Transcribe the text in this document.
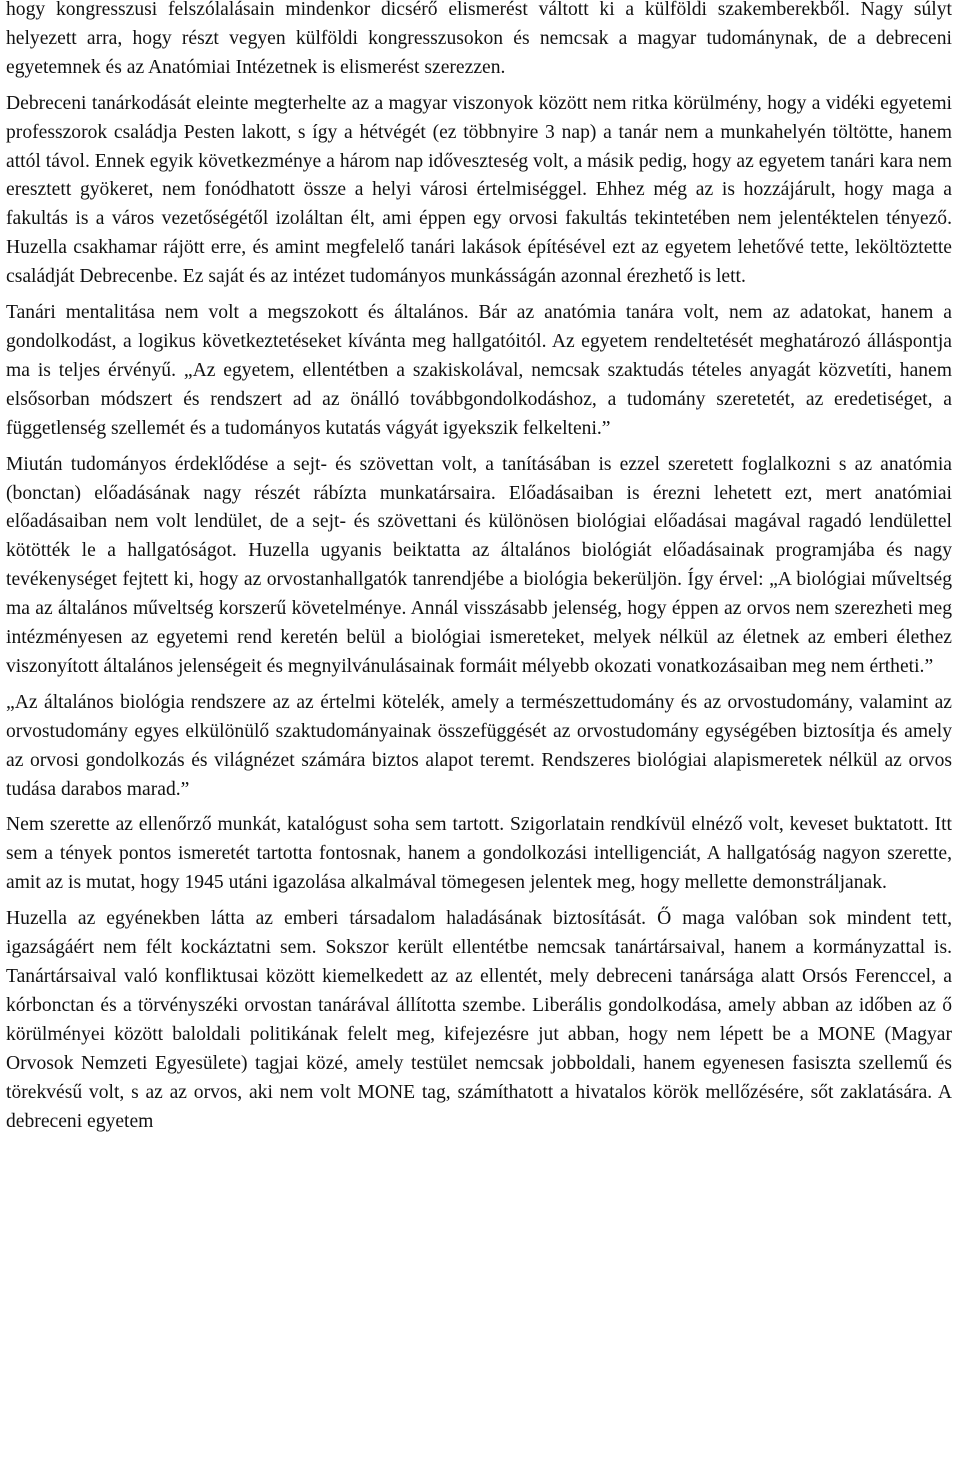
hogy kongresszusi felszólalásain mindenkor dicsérő elismerést váltott ki a külföldi szakemberekből. Nagy súlyt helyezett arra, hogy részt vegyen külföldi kongresszusokon és nemcsak a magyar tudománynak, de a debreceni egyetemnek és az Anatómiai Intézetnek is elismerést szerezzen.

Debreceni tanárkodását eleinte megterhelte az a magyar viszonyok között nem ritka körülmény, hogy a vidéki egyetemi professzorok családja Pesten lakott, s így a hétvégét (ez többnyire 3 nap) a tanár nem a munkahelyén töltötte, hanem attól távol. Ennek egyik következménye a három nap időveszteség volt, a másik pedig, hogy az egyetem tanári kara nem eresztett gyökeret, nem fonódhatott össze a helyi városi értelmiséggel. Ehhez még az is hozzájárult, hogy maga a fakultás is a város vezetőségétől izoláltan élt, ami éppen egy orvosi fakultás tekintetében nem jelentéktelen tényező. Huzella csakhamar rájött erre, és amint megfelelő tanári lakások építésével ezt az egyetem lehetővé tette, leköltöztette családját Debrecenbe. Ez saját és az intézet tudományos munkásságán azonnal érezhető is lett.

Tanári mentalitása nem volt a megszokott és általános. Bár az anatómia tanára volt, nem az adatokat, hanem a gondolkodást, a logikus következtetéseket kívánta meg hallgatóitól. Az egyetem rendeltetését meghatározó álláspontja ma is teljes érvényű. „Az egyetem, ellentétben a szakiskolával, nemcsak szaktudás tételes anyagát közvetíti, hanem elsősorban módszert és rendszert ad az önálló továbbgondolkodáshoz, a tudomány szeretetét, az eredetiséget, a függetlenség szellemét és a tudományos kutatás vágyát igyekszik felkelteni.”

Miután tudományos érdeklődése a sejt- és szövettan volt, a tanításában is ezzel szeretett foglalkozni s az anatómia (bonctan) előadásának nagy részét rábízta munkatársaira. Előadásaiban is érezni lehetett ezt, mert anatómiai előadásaiban nem volt lendület, de a sejt- és szövettani és különösen biológiai előadásai magával ragadó lendülettel kötötték le a hallgatóságot. Huzella ugyanis beiktatta az általános biológiát előadásainak programjába és nagy tevékenységet fejtett ki, hogy az orvostanhallgatók tanrendjébe a biológia bekerüljön. Így érvel: „A biológiai műveltség ma az általános műveltség korszerű követelménye. Annál visszásabb jelenség, hogy éppen az orvos nem szerezheti meg intézményesen az egyetemi rend keretén belül a biológiai ismereteket, melyek nélkül az életnek az emberi élethez viszonyított általános jelenségeit és megnyilvánulásainak formáit mélyebb okozati vonatkozásaiban meg nem értheti.”

„Az általános biológia rendszere az az értelmi kötelék, amely a természettudomány és az orvostudomány, valamint az orvostudomány egyes elkülönülő szaktudományainak összefüggését az orvostudomány egységében biztosítja és amely az orvosi gondolkozás és világnézet számára biztos alapot teremt. Rendszeres biológiai alapismeretek nélkül az orvos tudása darabos marad.”

Nem szerette az ellenőrző munkát, katalógust soha sem tartott. Szigorlatain rendkívül elnéző volt, keveset buktatott. Itt sem a tények pontos ismeretét tartotta fontosnak, hanem a gondolkozási intelligenciát, A hallgatóság nagyon szerette, amit az is mutat, hogy 1945 utáni igazolása alkalmával tömegesen jelentek meg, hogy mellette demonstráljanak.

Huzella az egyénekben látta az emberi társadalom haladásának biztosítását. Ő maga valóban sok mindent tett, igazságáért nem félt kockáztatni sem. Sokszor került ellentétbe nemcsak tanártársaival, hanem a kormányzattal is. Tanártársaival való konfliktusai között kiemelkedett az az ellentét, mely debreceni tanársága alatt Orsós Ferenccel, a kórbonctan és a törvényszéki orvostan tanárával állította szembe. Liberális gondolkodása, amely abban az időben az ő körülményei között baloldali politikának felelt meg, kifejezésre jut abban, hogy nem lépett be a MONE (Magyar Orvosok Nemzeti Egyesülete) tagjai közé, amely testület nemcsak jobboldali, hanem egyenesen fasiszta szellemű és törekvésű volt, s az az orvos, aki nem volt MONE tag, számíthatott a hivatalos körök mellőzésére, sőt zaklatására. A debreceni egyetem
